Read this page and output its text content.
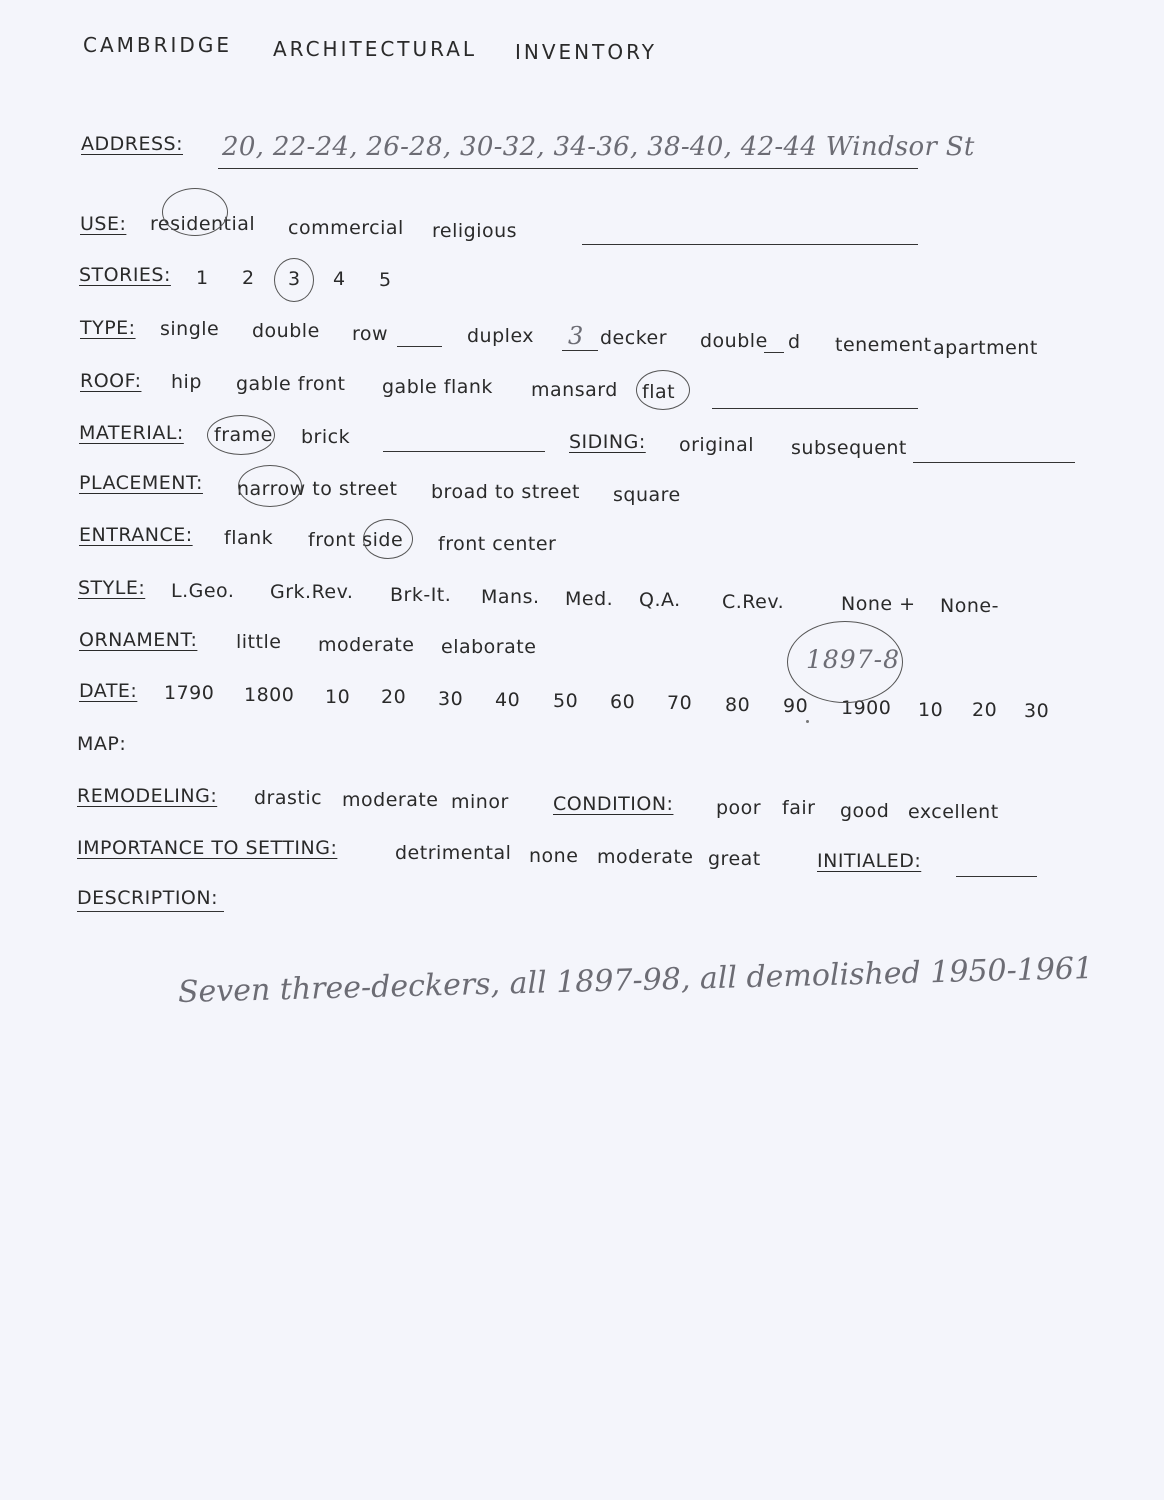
CAMBRIDGE ARCHITECTURAL INVENTORY
ADDRESS: 20, 22-24, 26-28, 30-32, 34-36, 38-40, 42-44 Windsor St
USE: residential commercial religious
STORIES: 1 2 3 4 5
TYPE: single double row	duplex 3 decker double d tenement apartment
ROOF: hip gable front gable flank mansard flat
MATERIAL: frame brick	SIDING: original subsequent
PLACEMENT: narrow to street broad to street square
ENTRANCE: flank front side front center
STYLE: L.Geo. Grk.Rev. Brk-It. Mans. Med. Q.A. C.Rev.	None + None-
ORNAMENT: little moderate elaborate
DATE: 1790 1800 10 20 30 40 50 60 70 80 90 1900 10 20 30
1897-8
MAP:
REMODELING: drastic moderate minor CONDITION: poor fair good excellent
IMPORTANCE TO SETTING:	detrimental none moderate great	INITIALED:
DESCRIPTION:
Seven three-deckers, all 1897-98, all demolished 1950-1961
